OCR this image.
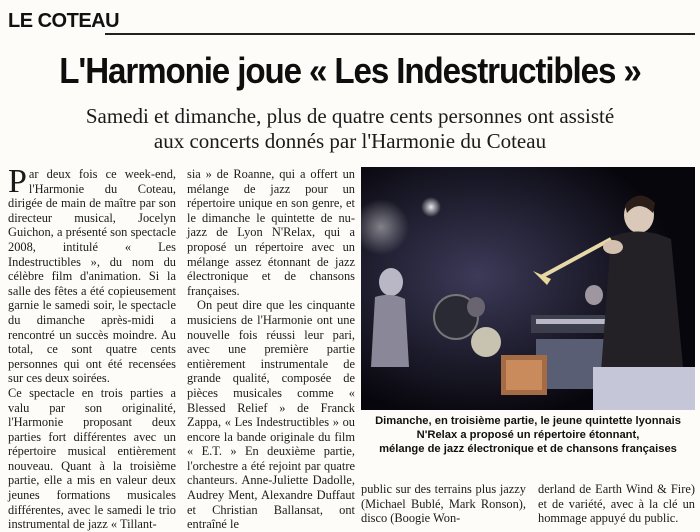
LE COTEAU
L'Harmonie joue « Les Indestructibles »
Samedi et dimanche, plus de quatre cents personnes ont assisté
aux concerts donnés par l'Harmonie du Coteau

Par deux fois ce week-end, l'Harmonie du Coteau, dirigée de main de maître par son directeur musical, Jocelyn Guichon, a présenté son spectacle 2008, intitulé « Les Indestructibles », du nom du célèbre film d'animation. Si la salle des fêtes a été copieusement garnie le samedi soir, le spectacle du dimanche après-midi a rencontré un succès moindre. Au total, ce sont quatre cents personnes qui ont été recensées sur ces deux soirées.

Ce spectacle en trois parties a valu par son originalité, l'Harmonie proposant deux parties fort différentes avec un répertoire musical entièrement nouveau. Quant à la troisième partie, elle a mis en valeur deux jeunes formations musicales différentes, avec le samedi le trio instrumental de jazz « Tillant-

sia » de Roanne, qui a offert un mélange de jazz pour un répertoire unique en son genre, et le dimanche le quintette de nu-jazz de Lyon N'Relax, qui a proposé un répertoire avec un mélange assez étonnant de jazz électronique et de chansons françaises.

On peut dire que les cinquante musiciens de l'Harmonie ont une nouvelle fois réussi leur pari, avec une première partie entièrement instrumentale de grande qualité, composée de pièces musicales comme « Blessed Relief » de Franck Zappa, « Les Indestructibles » ou encore la bande originale du film « E.T. » En deuxième partie, l'orchestre a été rejoint par quatre chanteurs. Anne-Juliette Dadolle, Audrey Ment, Alexandre Duffaut et Christian Ballansat, ont entraîné le

Dimanche, en troisième partie, le jeune quintette lyonnais
N'Relax a proposé un répertoire étonnant,
mélange de jazz électronique et de chansons françaises

public sur des terrains plus jazzy (Michael Bublé, Mark Ronson), disco (Boogie Won-

derland de Earth Wind & Fire) et de variété, avec à la clé un hommage appuyé du public.
